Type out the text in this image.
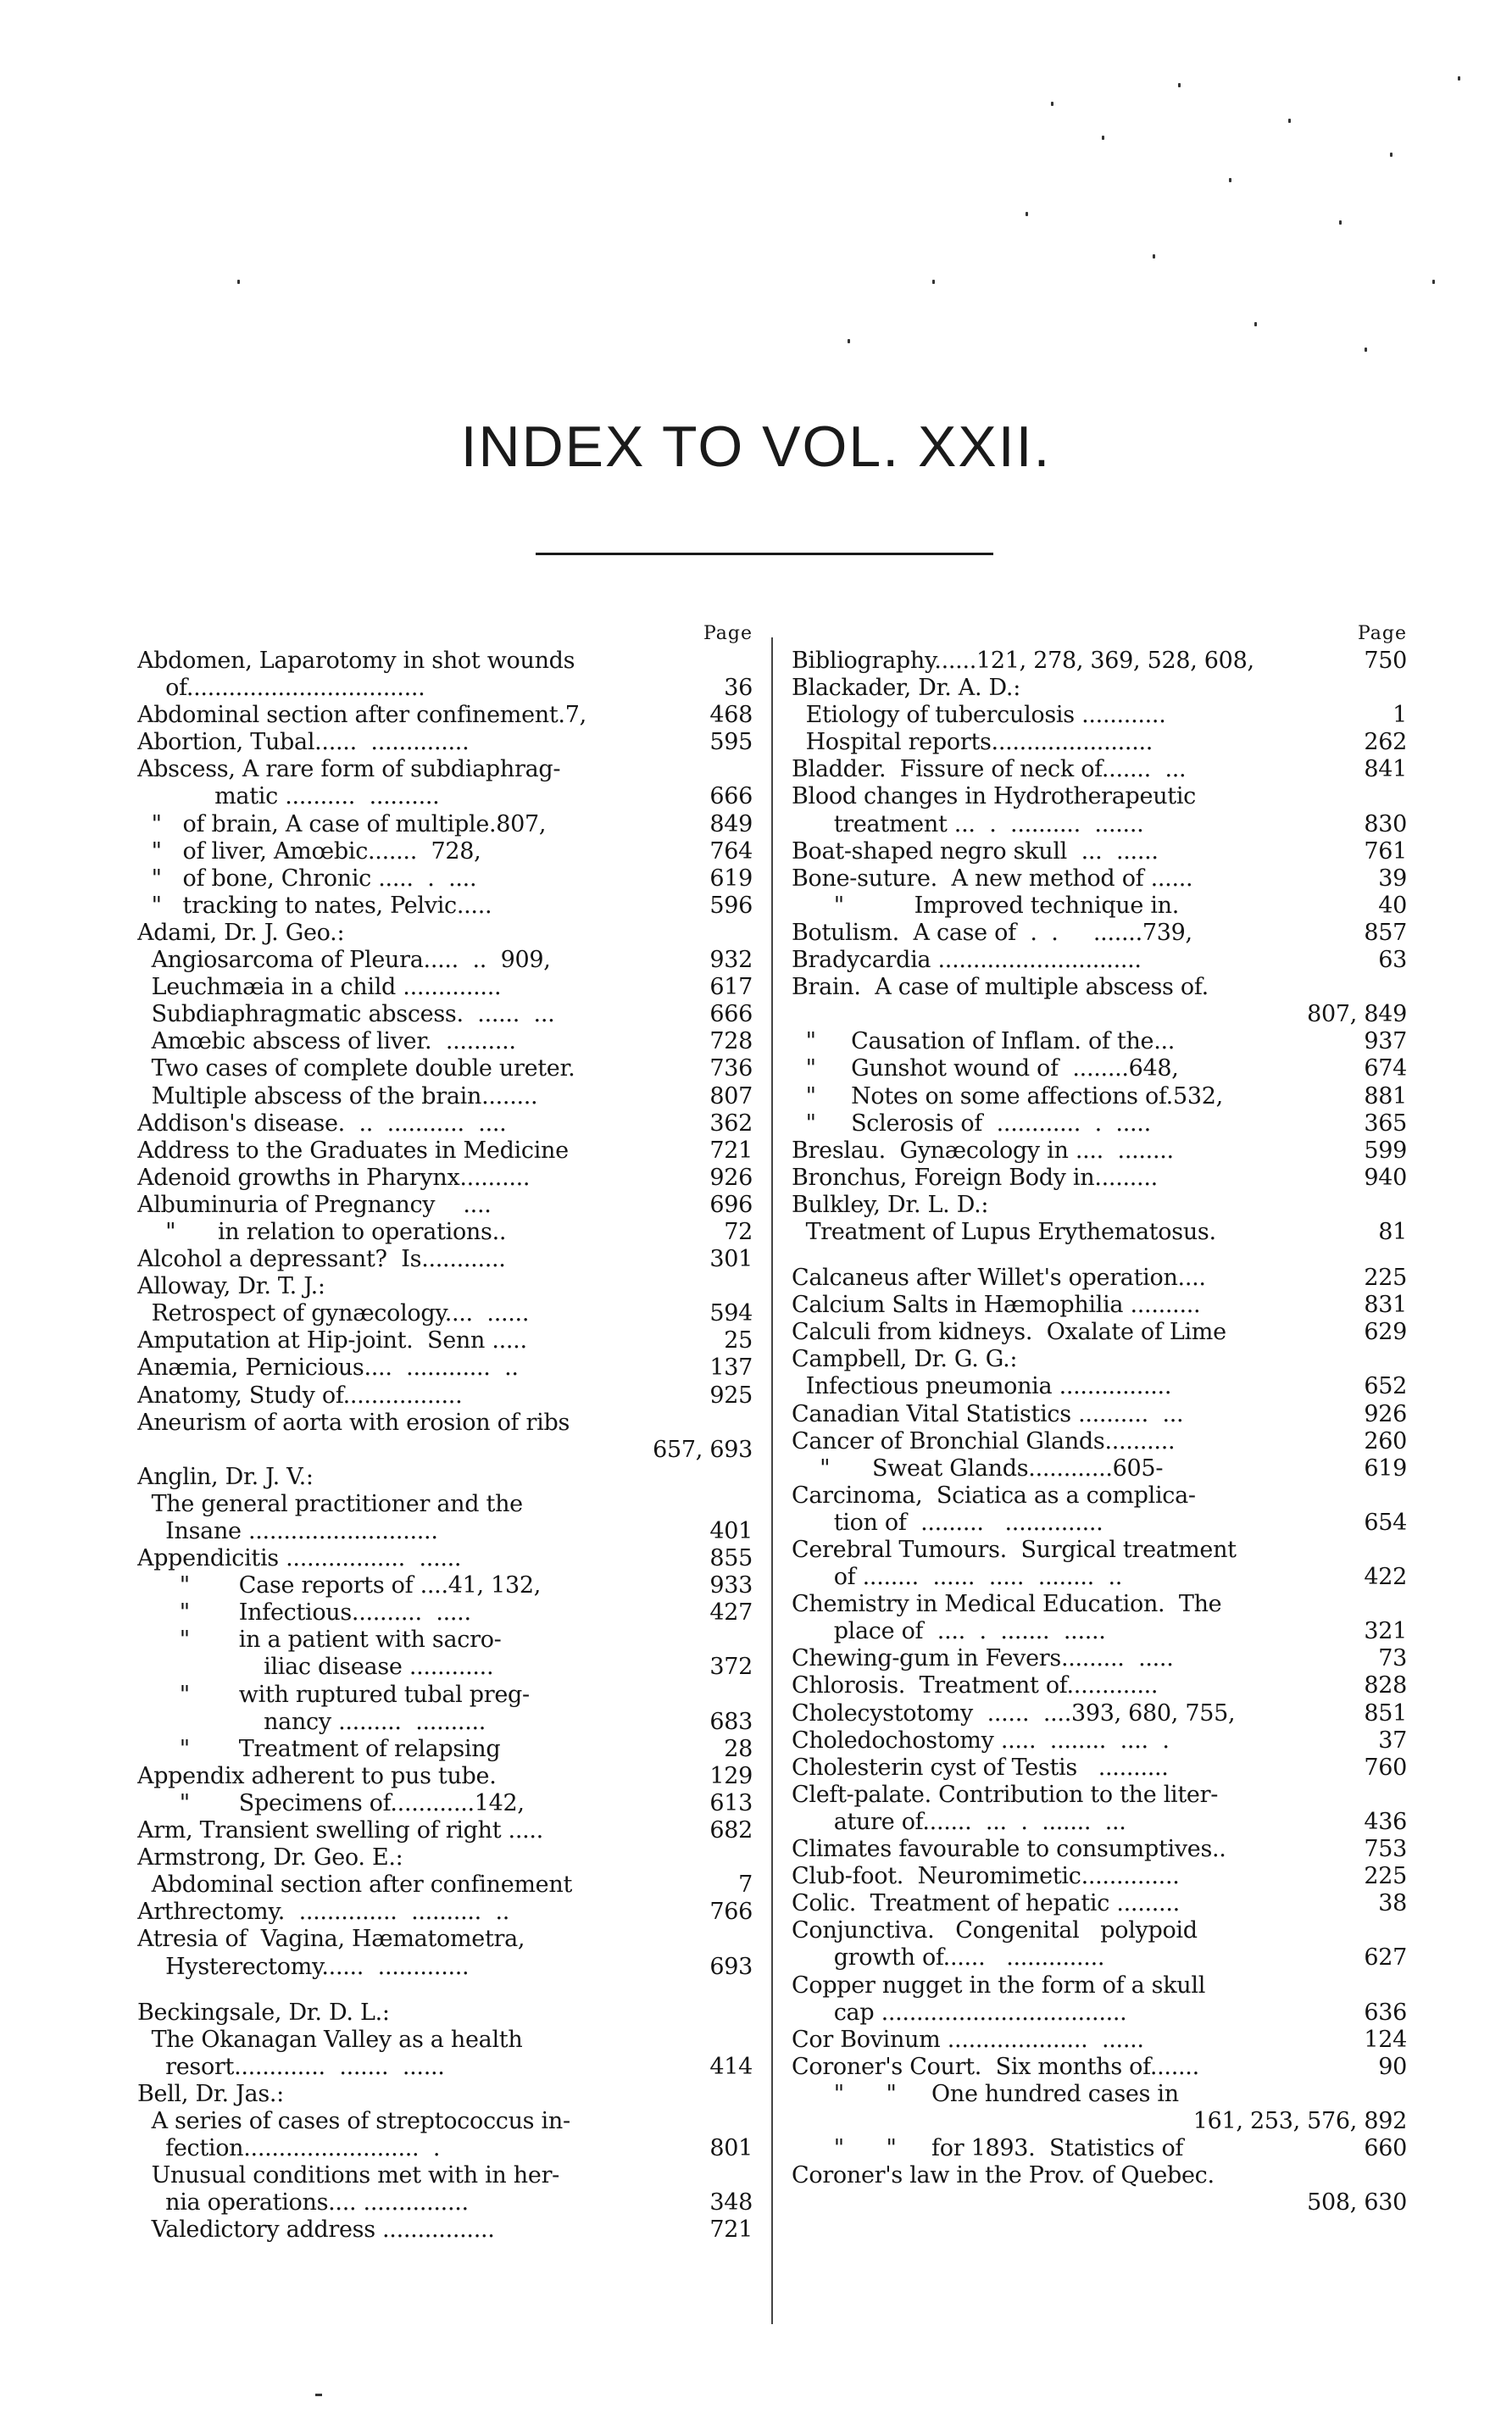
INDEX TO VOL. XXII.
Page
Abdomen, Laparotomy in shot wounds
of..................................	36
Abdominal section after confinement.7,	468
Abortion, Tubal......  ..............	595
Abscess, A rare form of subdiaphrag-
matic ..........  ..........	666
"   of brain, A case of multiple.807,	849
"   of liver, Amœbic.......  728,	764
"   of bone, Chronic .....  .  ....	619
"   tracking to nates, Pelvic.....	596
Adami, Dr. J. Geo.:
Angiosarcoma of Pleura.....  ..  909,	932
Leuchmæia in a child ..............	617
Subdiaphragmatic abscess.  ......  ...	666
Amœbic abscess of liver.  ..........	728
Two cases of complete double ureter.	736
Multiple abscess of the brain........	807
Addison's disease.  ..  ...........  ....	362
Address to the Graduates in Medicine	721
Adenoid growths in Pharynx..........	926
Albuminuria of Pregnancy    ....	696
"      in relation to operations..	72
Alcohol a depressant?  Is............	301
Alloway, Dr. T. J.:
Retrospect of gynæcology....  ......	594
Amputation at Hip-joint.  Senn .....	25
Anæmia, Pernicious....  ............  ..	137
Anatomy, Study of.................	925
Aneurism of aorta with erosion of ribs
657, 693
Anglin, Dr. J. V.:
The general practitioner and the
Insane ...........................	401
Appendicitis .................  ......	855
"       Case reports of ....41, 132,	933
"       Infectious..........  .....	427
"       in a patient with sacro-
iliac disease ............	372
"       with ruptured tubal preg-
nancy .........  ..........	683
"       Treatment of relapsing	28
Appendix adherent to pus tube.	129
"       Specimens of............142,	613
Arm, Transient swelling of right .....	682
Armstrong, Dr. Geo. E.:
Abdominal section after confinement	7
Arthrectomy.  ..............  ..........  ..	766
Atresia of  Vagina, Hæmatometra,
Hysterectomy......  .............	693
Beckingsale, Dr. D. L.:
The Okanagan Valley as a health
resort.............  .......  ......	414
Bell, Dr. Jas.:
A series of cases of streptococcus in-
fection.........................  .	801
Unusual conditions met with in her-
nia operations.... ...............	348
Valedictory address ................	721
Page
Bibliography......121, 278, 369, 528, 608,	750
Blackader, Dr. A. D.:
Etiology of tuberculosis ............	1
Hospital reports.......................	262
Bladder.  Fissure of neck of.......  ...	841
Blood changes in Hydrotherapeutic
treatment ...  .  ..........  .......	830
Boat-shaped negro skull  ...  ......	761
Bone-suture.  A new method of ......	39
"          Improved technique in.	40
Botulism.  A case of  .  .     .......739,	857
Bradycardia .............................	63
Brain.  A case of multiple abscess of.
807, 849
"     Causation of Inflam. of the...	937
"     Gunshot wound of  ........648,	674
"     Notes on some affections of.532,	881
"     Sclerosis of  ............  .  .....	365
Breslau.  Gynæcology in ....  ........	599
Bronchus, Foreign Body in.........	940
Bulkley, Dr. L. D.:
Treatment of Lupus Erythematosus.	81
Calcaneus after Willet's operation....	225
Calcium Salts in Hæmophilia ..........	831
Calculi from kidneys.  Oxalate of Lime	629
Campbell, Dr. G. G.:
Infectious pneumonia ................	652
Canadian Vital Statistics ..........  ...	926
Cancer of Bronchial Glands..........	260
"      Sweat Glands............605-	619
Carcinoma,  Sciatica as a complica-
tion of  .........   ..............	654
Cerebral Tumours.  Surgical treatment
of ........  ......  .....  ........  ..	422
Chemistry in Medical Education.  The
place of  ....  .  .......  ......	321
Chewing-gum in Fevers.........  .....	73
Chlorosis.  Treatment of.............	828
Cholecystotomy  ......  ....393, 680, 755,	851
Choledochostomy .....  ........  ....  .	37
Cholesterin cyst of Testis   ..........	760
Cleft-palate. Contribution to the liter-
ature of.......  ...  .  .......  ...	436
Climates favourable to consumptives..	753
Club-foot.  Neuromimetic..............	225
Colic.  Treatment of hepatic .........	38
Conjunctiva.   Congenital   polypoid
growth of......   ..............	627
Copper nugget in the form of a skull
cap ...................................	636
Cor Bovinum ....................  ......	124
Coroner's Court.  Six months of.......	90
"      "     One hundred cases in
161, 253, 576, 892
"      "     for 1893.  Statistics of	660
Coroner's law in the Prov. of Quebec.
508, 630
